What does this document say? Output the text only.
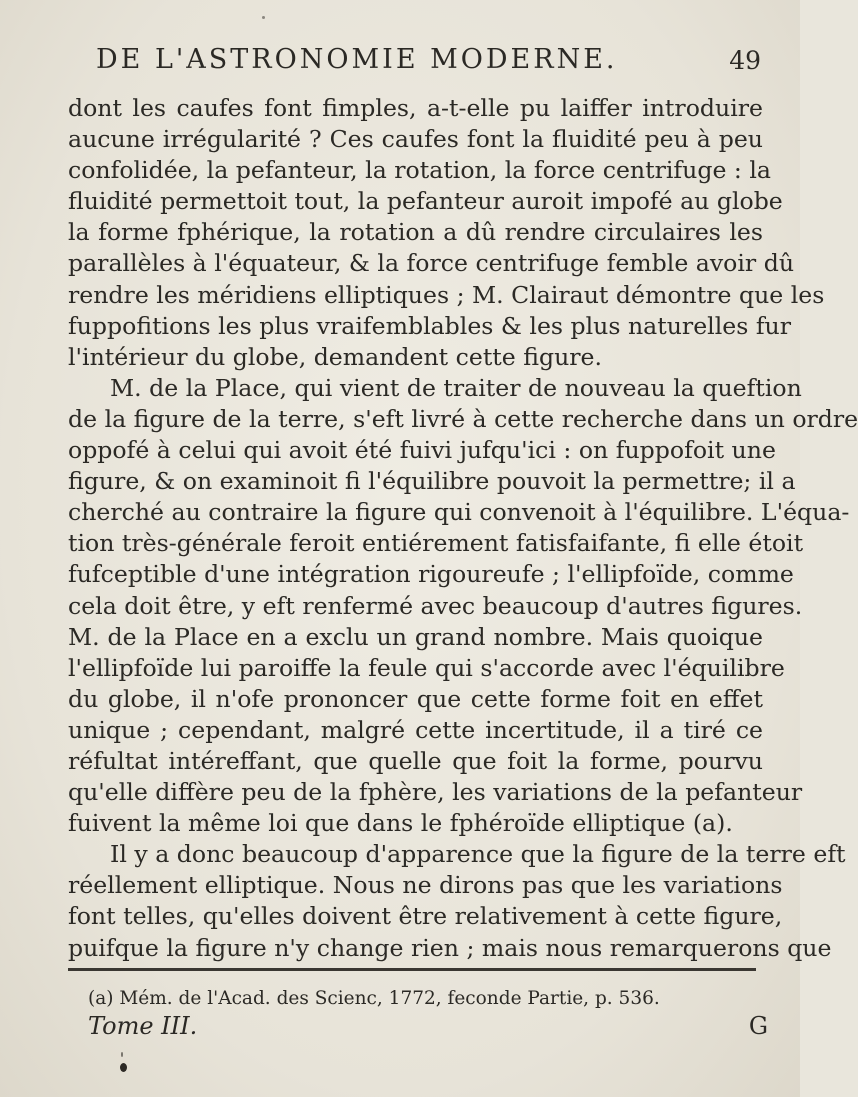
DE L'ASTRONOMIE MODERNE.	49
dont les caufes font fimples, a-t-elle pu laiffer introduire
aucune irrégularité ? Ces caufes font la fluidité peu à peu
confolidée, la pefanteur, la rotation, la force centrifuge : la
fluidité permettoit tout, la pefanteur auroit impofé au globe
la forme fphérique, la rotation a dû rendre circulaires les
parallèles à l'équateur, & la force centrifuge femble avoir dû
rendre les méridiens elliptiques ; M. Clairaut démontre que les
fuppofitions les plus vraifemblables & les plus naturelles fur
l'intérieur du globe, demandent cette figure.
M. de la Place, qui vient de traiter de nouveau la queftion
de la figure de la terre, s'eft livré à cette recherche dans un ordre
oppofé à celui qui avoit été fuivi jufqu'ici : on fuppofoit une
figure, & on examinoit fi l'équilibre pouvoit la permettre; il a
cherché au contraire la figure qui convenoit à l'équilibre. L'équa-
tion très-générale feroit entiérement fatisfaifante, fi elle étoit
fufceptible d'une intégration rigoureufe ; l'ellipfoïde, comme
cela doit être, y eft renfermé avec beaucoup d'autres figures.
M. de la Place en a exclu un grand nombre. Mais quoique
l'ellipfoïde lui paroiffe la feule qui s'accorde avec l'équilibre
du globe, il n'ofe prononcer que cette forme foit en effet
unique ; cependant, malgré cette incertitude, il a tiré ce
réfultat intéreffant, que quelle que foit la forme, pourvu
qu'elle diffère peu de la fphère, les variations de la pefanteur
fuivent la même loi que dans le fphéroïde elliptique (a).
Il y a donc beaucoup d'apparence que la figure de la terre eft
réellement elliptique. Nous ne dirons pas que les variations
font telles, qu'elles doivent être relativement à cette figure,
puifque la figure n'y change rien ; mais nous remarquerons que
(a) Mém. de l'Acad. des Scienc, 1772, feconde Partie, p. 536.
Tome III.	G
